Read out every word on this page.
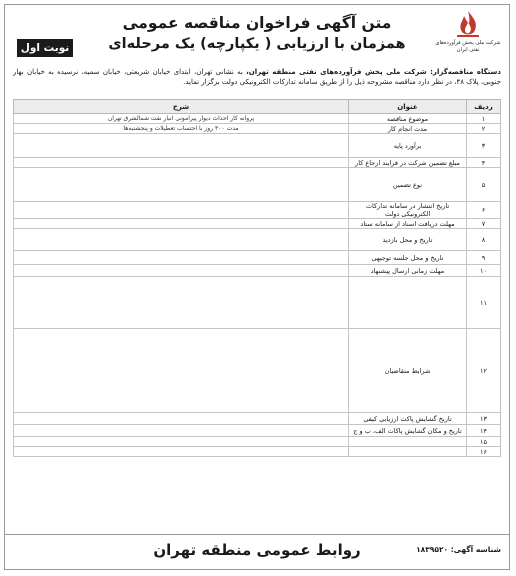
شرکت ملی پخش فرآورده‌های نفتی ایران
متن آگهی فراخوان مناقصه عمومی
همزمان با ارزیابی ( یکپارچه) یک مرحله‌ای
نوبت اول
دستگاه مناقصه‌گزار: شرکت ملی پخش فرآورده‌های نفتی منطقه تهران، به نشانی تهران، ابتدای خیابان شریعتی، خیابان سمیه، نرسیده به خیابان بهار جنوبی، پلاک ۴۸، در نظر دارد مناقصه مشروحه ذیل را از طریق سامانه تدارکات الکترونیکی دولت برگزار نماید.
ردیف	عنوان	شرح
۱	موضوع مناقصه	پروانه کار احداث دیوار پیرامونی انبار نفت شمالشرق تهران
۲	مدت انجام کار	مدت ۳۰۰ روز با احتساب تعطیلات و پنجشنبه‌ها
۳	برآورد پایه	
۴	مبلغ تضمین شرکت در فرایند ارجاع کار	
۵	نوع تضمین	
۶	تاریخ انتشار در سامانه تدارکات الکترونیکی دولت	
۷	مهلت دریافت اسناد از سامانه ستاد	
۸	تاریخ و محل بازدید	
۹	تاریخ و محل جلسه توجیهی	
۱۰	مهلت زمانی ارسال پیشنهاد	
۱۱		
۱۲	شرایط متقاضیان	
۱۳	تاریخ گشایش پاکت ارزیابی کیفی	
۱۴	تاریخ و مکان گشایش پاکات الف، ب و ج	
۱۵		
۱۶		
روابط عمومی منطقه تهران	شناسه آگهی: ۱۸۳۹۵۲۰
